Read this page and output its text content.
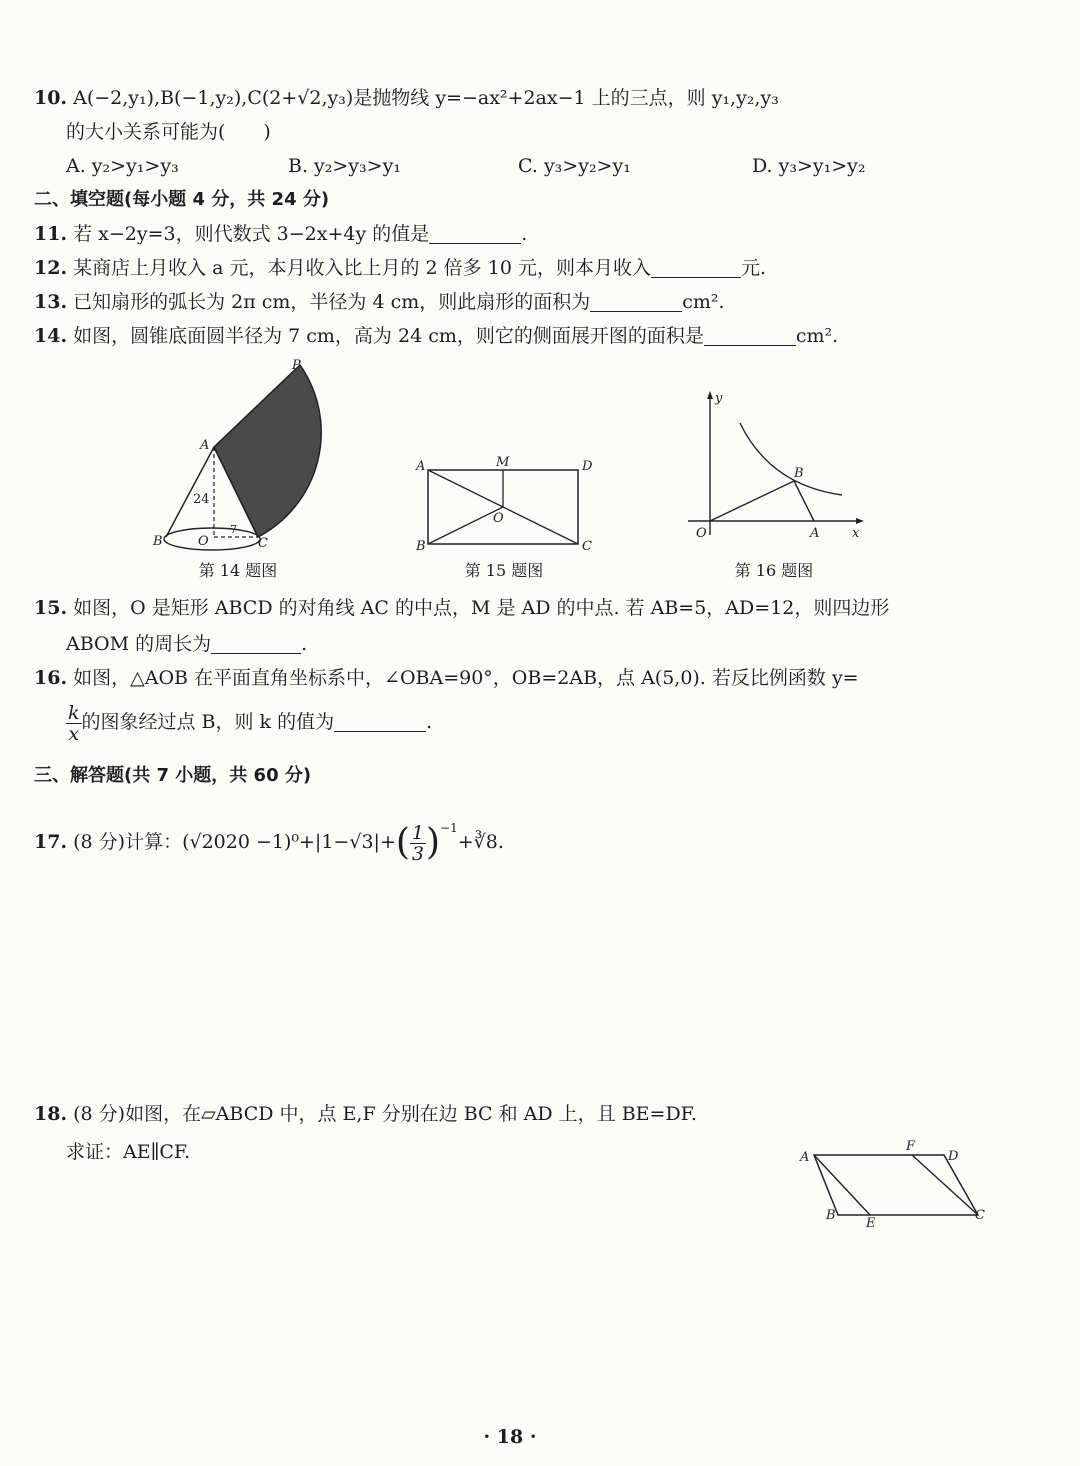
10. A(−2,y₁),B(−1,y₂),C(2+√2,y₃)是抛物线 y=−ax²+2ax−1 上的三点，则 y₁,y₂,y₃
的大小关系可能为(　　)
A. y₂>y₁>y₃	B. y₂>y₃>y₁	C. y₃>y₂>y₁	D. y₃>y₁>y₂
二、填空题(每小题 4 分，共 24 分)
11. 若 x−2y=3，则代数式 3−2x+4y 的值是	.
12. 某商店上月收入 a 元，本月收入比上月的 2 倍多 10 元，则本月收入	元.
13. 已知扇形的弧长为 2π cm，半径为 4 cm，则此扇形的面积为	cm².
14. 如图，圆锥底面圆半径为 7 cm，高为 24 cm，则它的侧面展开图的面积是	cm².
P
A
B	O	C
24
7
第 14 题图
A	M	D
O
B	C
第 15 题图
y
O
B
A	x
第 16 题图
15. 如图，O 是矩形 ABCD 的对角线 AC 的中点，M 是 AD 的中点. 若 AB=5，AD=12，则四边形
ABOM 的周长为	.
16. 如图，△AOB 在平面直角坐标系中，∠OBA=90°，OB=2AB，点 A(5,0). 若反比例函数 y=
$\frac{k}{x}$ 的图象经过点 B，则 k 的值为	.
三、解答题(共 7 小题，共 60 分)
17. (8 分)计算：$(√2020 -1)^0+|1-√3|+( \frac{1}{3}$ )$^{-1}+∛8$.
18. (8 分)如图，在▱ABCD 中，点 E,F 分别在边 BC 和 AD 上，且 BE=DF.
求证：AE∥CF.	A
F
D
B
E
C
· 18 ·
